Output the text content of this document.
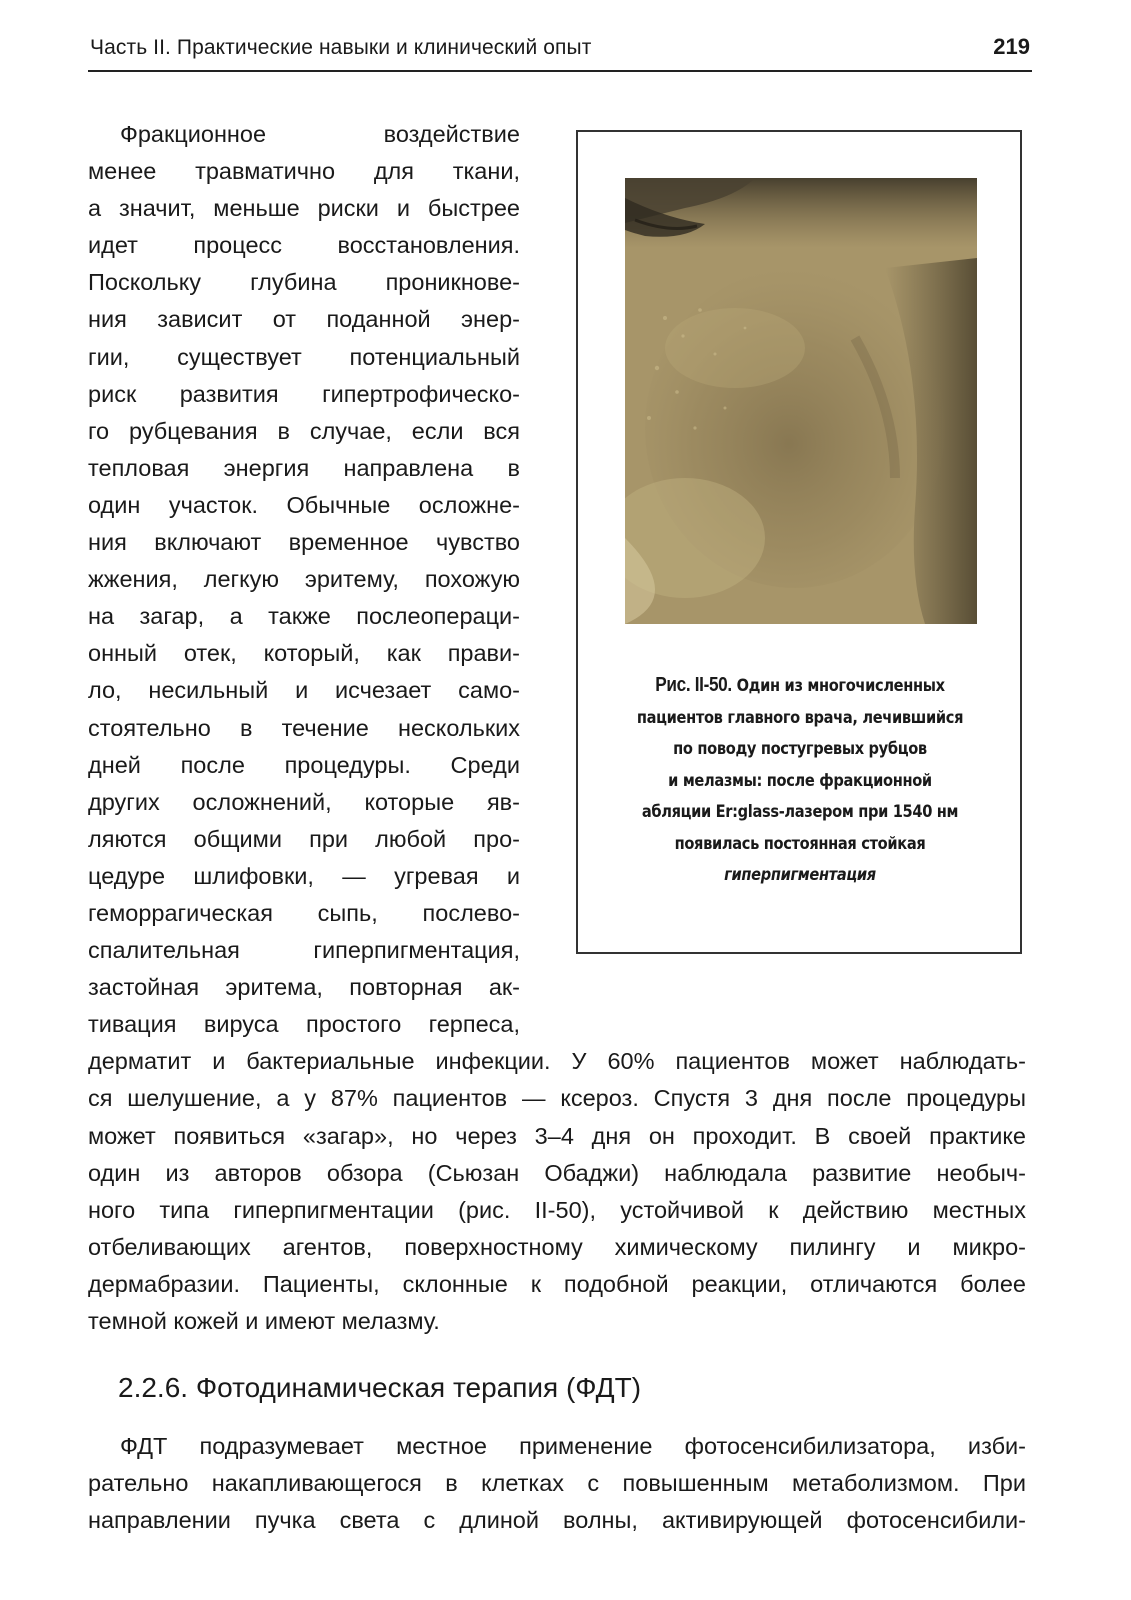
Часть II. Практические навыки и клинический опыт	219
Фракционное воздействие
менее травматично для ткани,
а значит, меньше риски и быстрее
идет процесс восстановления.
Поскольку глубина проникнове-
ния зависит от поданной энер-
гии, существует потенциальный
риск развития гипертрофическо-
го рубцевания в случае, если вся
тепловая энергия направлена в
один участок. Обычные осложне-
ния включают временное чувство
жжения, легкую эритему, похожую
на загар, а также послеопераци-
онный отек, который, как прави-
ло, несильный и исчезает само-
стоятельно в течение нескольких
дней после процедуры. Среди
других осложнений, которые яв-
ляются общими при любой про-
цедуре шлифовки, — угревая и
геморрагическая сыпь, послево-
спалительная гиперпигментация,
застойная эритема, повторная ак-
тивация вируса простого герпеса,
дерматит и бактериальные инфекции. У 60% пациентов может наблюдать-
ся шелушение, а у 87% пациентов — ксероз. Спустя 3 дня после процедуры
может появиться «загар», но через 3–4 дня он проходит. В своей практике
один из авторов обзора (Сьюзан Обаджи) наблюдала развитие необыч-
ного типа гиперпигментации (рис. II-50), устойчивой к действию местных
отбеливающих агентов, поверхностному химическому пилингу и микро-
дермабразии. Пациенты, склонные к подобной реакции, отличаются более
темной кожей и имеют мелазму.
Рис. II-50. Один из многочисленных
пациентов главного врача, лечившийся
по поводу постугревых рубцов
и мелазмы: после фракционной
абляции Er:glass-лазером при 1540 нм
появилась постоянная стойкая
гиперпигментация
2.2.6. Фотодинамическая терапия (ФДТ)
ФДТ подразумевает местное применение фотосенсибилизатора, изби-
рательно накапливающегося в клетках с повышенным метаболизмом. При
направлении пучка света с длиной волны, активирующей фотосенсибили-
